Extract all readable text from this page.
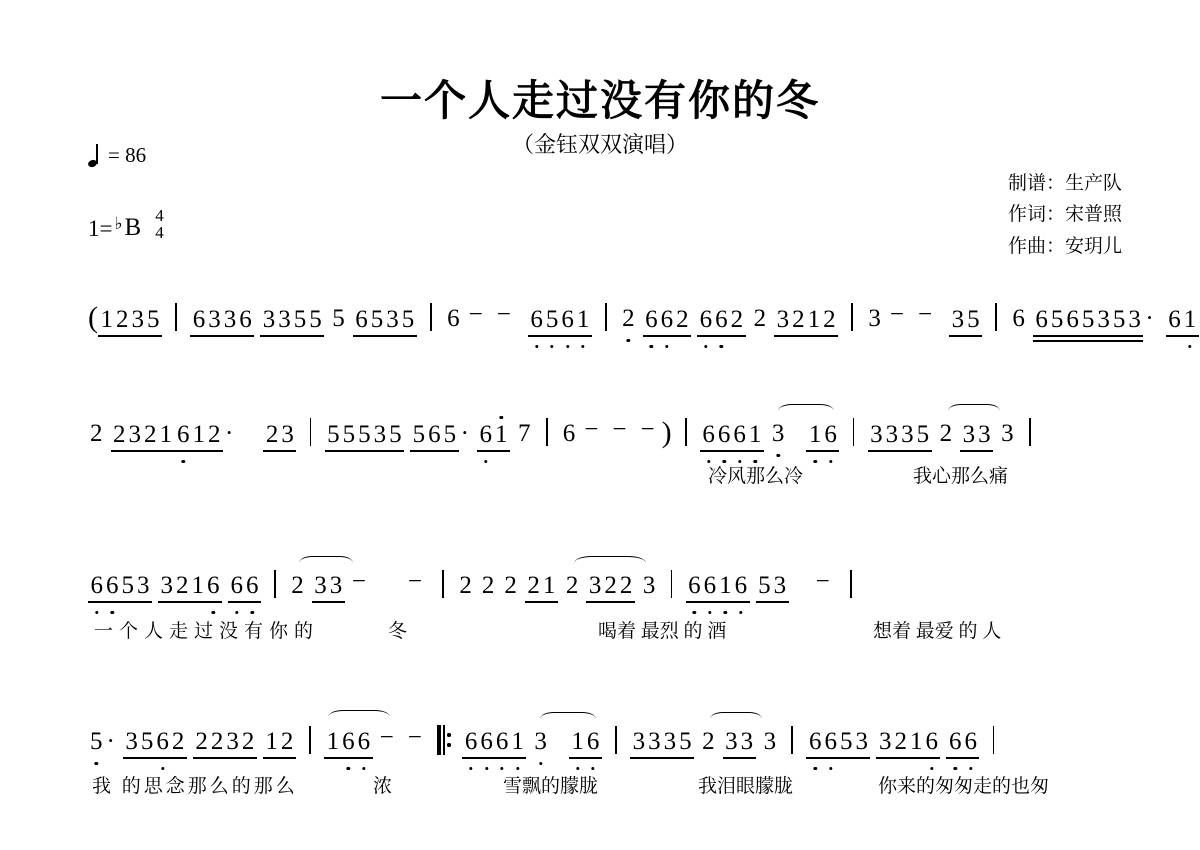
一个人走过没有你的冬
（金钰双双演唱）
= 86
1= ♭ B 4
4
制谱：生产队
作词：宋普照
作曲：安玥儿
( 1 2 3 5 6 3 3 6 3 3 5 5 5 6 5 3 5 6 − − 6 5 6 1 2 6 6 2 6 6 2 2 3 2 1 2 3 − − 3 5 6 6 5 6 5 3 5 3 · 6 1
2 2 3 2 1 6 1 2 · 2 3 5 5 5 3 5 5 6 5 · 6 1 7 6 − − − ) 6 6 6 1 3 1 6 3 3 3 5 2 3 3 3
冷风那么冷	我心那么痛
6 6 5 3 3 2 1 6 6 6 2 3 3 − − 2 2 2 2 1 2 3 2 2 3 6 6 1 6 5 3 −
一个人走过没有你的	冬	喝着 最烈 的 酒	想着 最爱 的 人
5 · 3 5 6 2 2 2 3 2 1 2 1 6 6 − − 6 6 6 1 3 1 6 3 3 3 5 2 3 3 3 6 6 5 3 3 2 1 6 6 6
我 的思念那么的那么	浓	雪飘的朦胧	我泪眼朦胧	你来的匆匆走的也匆
